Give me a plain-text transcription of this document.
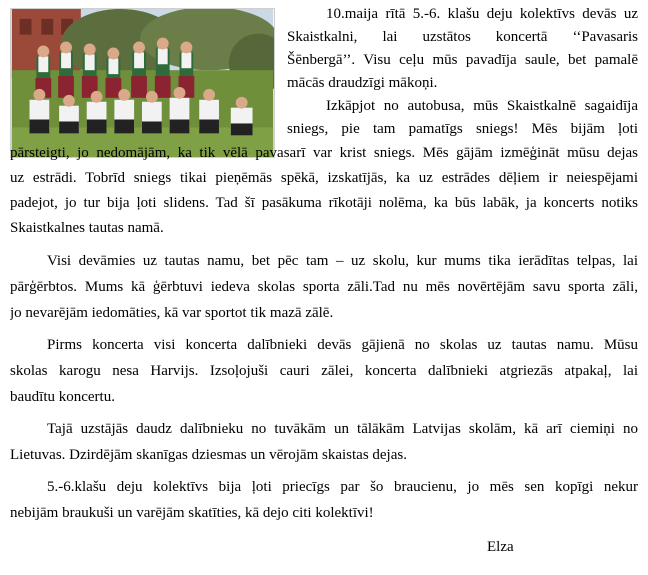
10.maija rītā 5.-6. klašu deju kolektīvs devās uz
Skaistkalni, lai uzstātos koncertā ‘‘Pavasaris
Šēnbergā’’. Visu ceļu mūs pavadīja saule, bet pamalē
mācās draudzīgi mākoņi.
Izkāpjot no autobusa, mūs Skaistkalnē sagaidīja
sniegs, pie tam pamatīgs sniegs! Mēs bijām ļoti
pārsteigti, jo nedomājām, ka tik vēlā pavasarī var krist sniegs. Mēs gājām izmēģināt mūsu dejas
uz estrādi. Tobrīd sniegs tikai pieņēmās spēkā, izskatījās, ka uz estrādes dēļiem ir neiespējami
padejot, jo tur bija ļoti slidens. Tad šī pasākuma rīkotāji nolēma, ka būs labāk, ja koncerts notiks
Skaistkalnes tautas namā.
Visi devāmies uz tautas namu, bet pēc tam – uz skolu, kur mums tika ierādītas telpas, lai
pārģērbtos. Mums kā ģērbtuvi iedeva skolas sporta zāli.Tad nu mēs novērtējām savu sporta zāli,
jo nevarējām iedomāties, kā var sportot tik mazā zālē.
Pirms koncerta visi koncerta dalībnieki devās gājienā no skolas uz tautas namu. Mūsu
skolas karogu nesa Harvijs. Izsoļojuši cauri zālei, koncerta dalībnieki atgriezās atpakaļ, lai
baudītu koncertu.
Tajā uzstājās daudz dalībnieku no tuvākām un tālākām Latvijas skolām, kā arī ciemiņi no
Lietuvas. Dzirdējām skanīgas dziesmas un vērojām skaistas dejas.
5.-6.klašu deju kolektīvs bija ļoti priecīgs par šo braucienu, jo mēs sen kopīgi nekur
nebijām braukuši un varējām skatīties, kā dejo citi kolektīvi!
Elza
